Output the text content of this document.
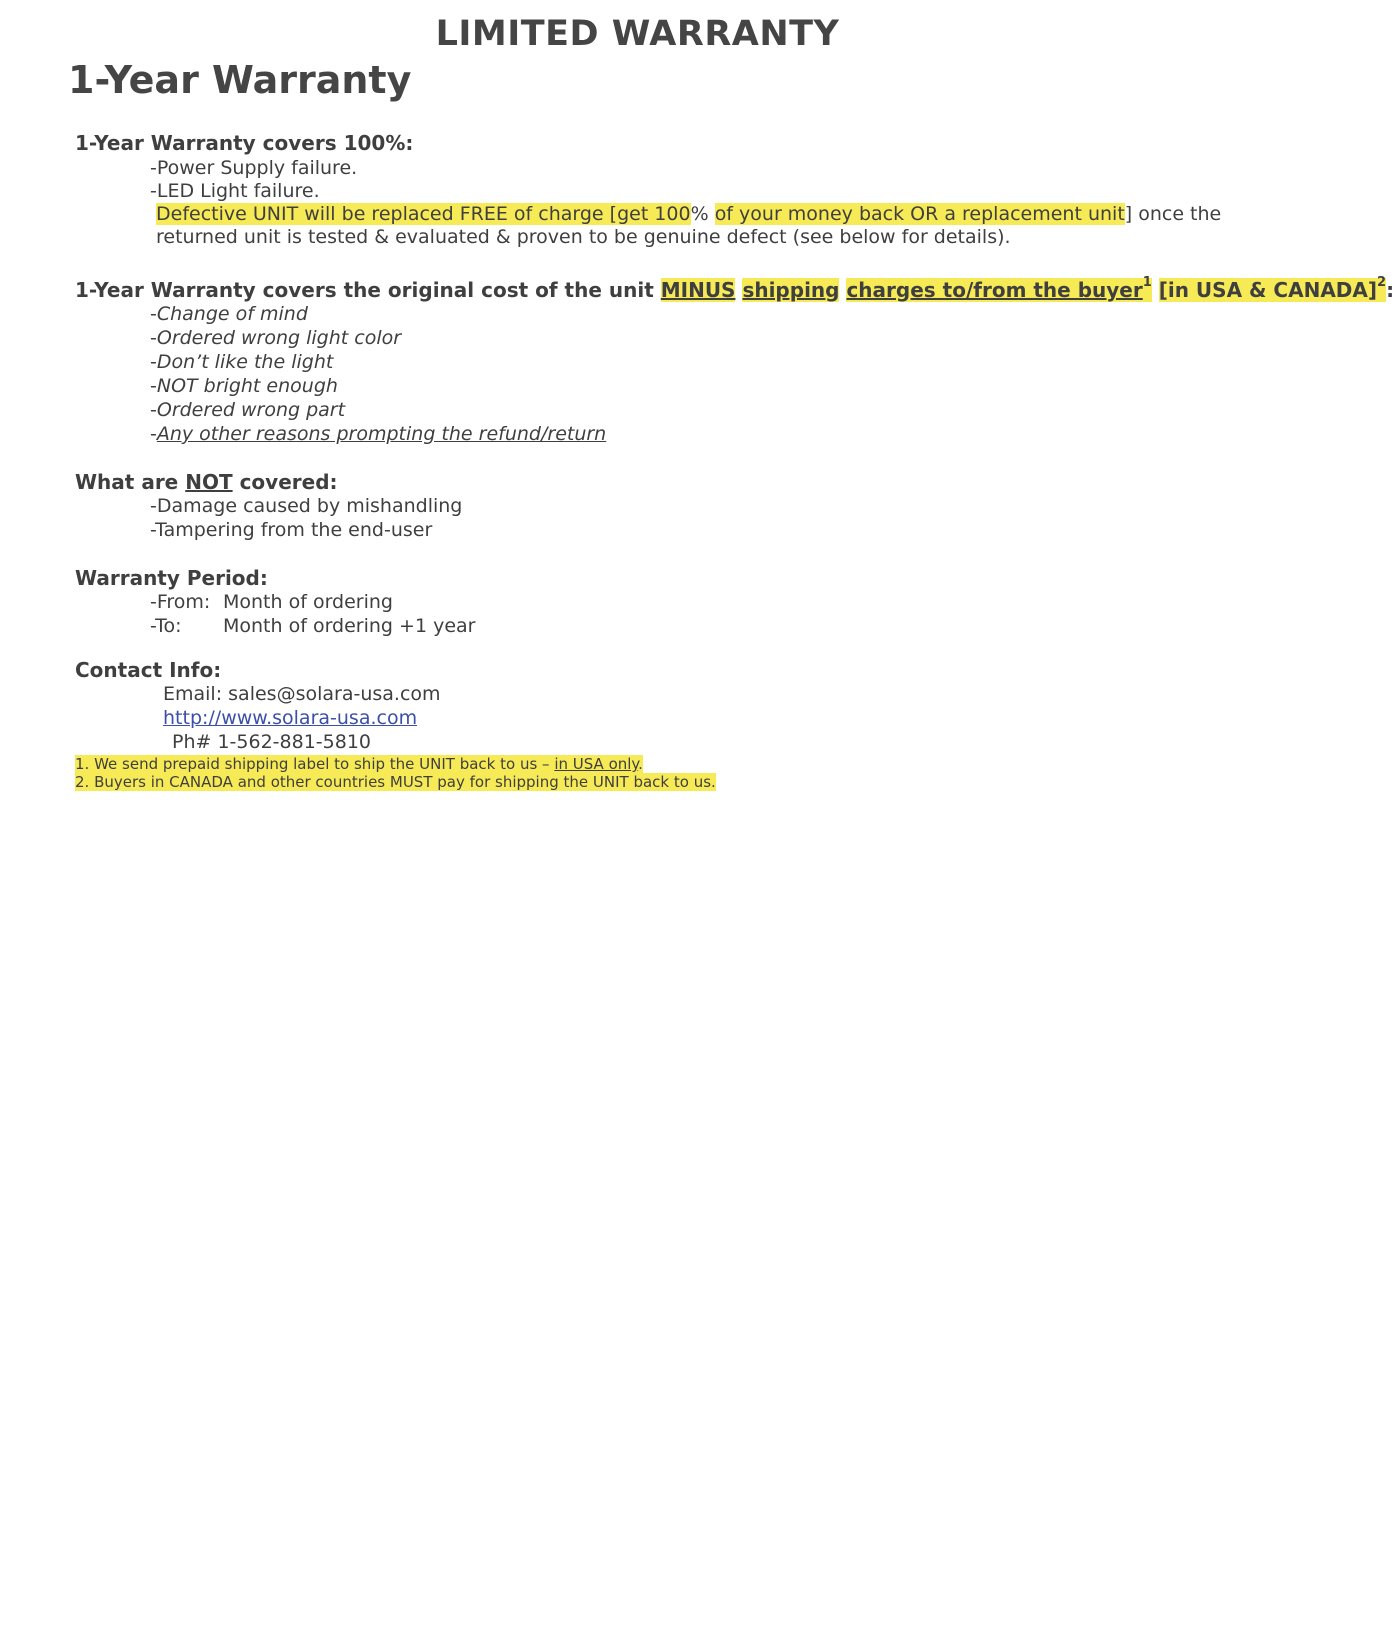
LIMITED WARRANTY
1-Year Warranty
1-Year Warranty covers 100%:
-Power Supply failure.
-LED Light failure.
Defective UNIT will be replaced FREE of charge [get 100% of your money back OR a replacement unit] once the
returned unit is tested & evaluated & proven to be genuine defect (see below for details).
1-Year Warranty covers the original cost of the unit MINUS shipping charges to/from the buyer$^1$ [in USA & CANADA]$^2$:
-Change of mind
-Ordered wrong light color
-Don’t like the light
-NOT bright enough
-Ordered wrong part
-Any other reasons prompting the refund/return
What are NOT covered:
-Damage caused by mishandling
-Tampering from the end-user
Warranty Period:
-From: Month of ordering
-To: Month of ordering +1 year
Contact Info:
Email: sales@solara-usa.com
http://www.solara-usa.com
Ph# 1-562-881-5810
1. We send prepaid shipping label to ship the UNIT back to us – in USA only.
2. Buyers in CANADA and other countries MUST pay for shipping the UNIT back to us.
